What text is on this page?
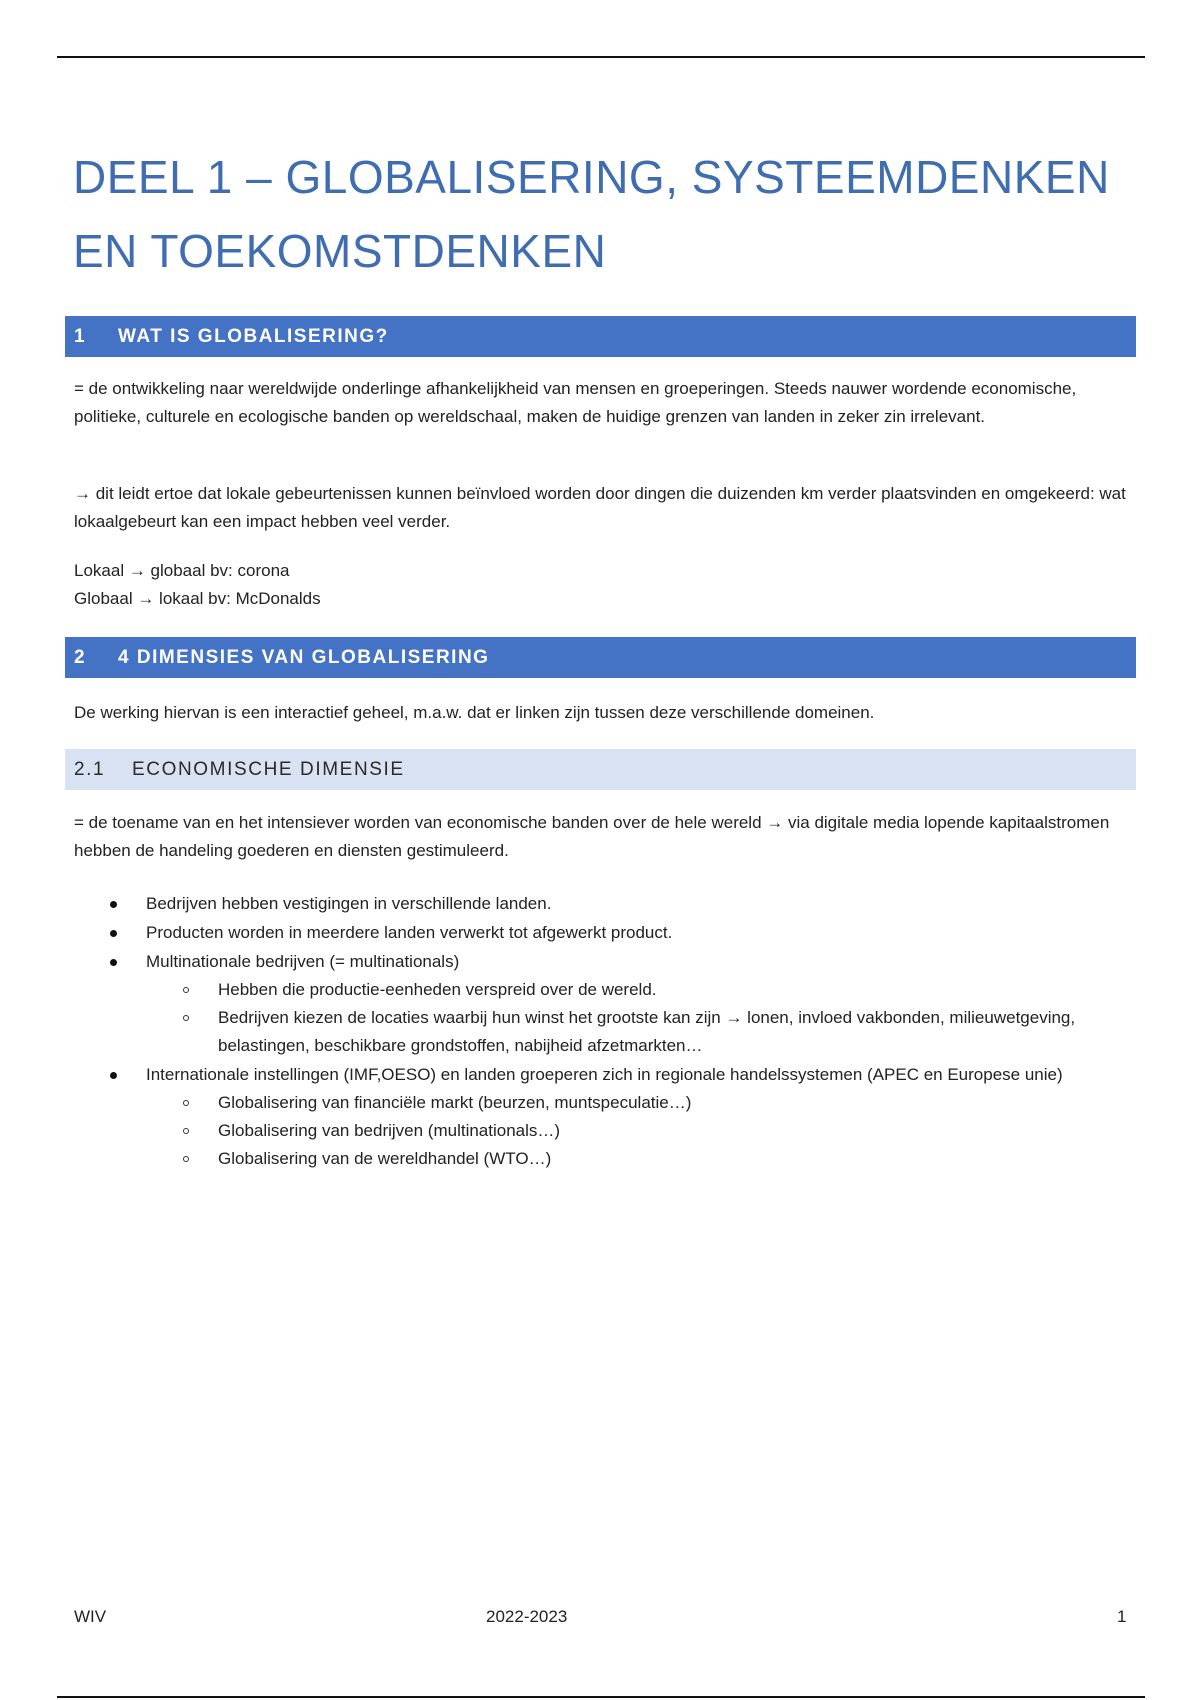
DEEL 1 – GLOBALISERING, SYSTEEMDENKEN EN TOEKOMSTDENKEN
1	WAT IS GLOBALISERING?

= de ontwikkeling naar wereldwijde onderlinge afhankelijkheid van mensen en groeperingen. Steeds nauwer wordende economische, politieke, culturele en ecologische banden op wereldschaal, maken de huidige grenzen van landen in zeker zin irrelevant.

→ dit leidt ertoe dat lokale gebeurtenissen kunnen beïnvloed worden door dingen die duizenden km verder plaatsvinden en omgekeerd: wat lokaalgebeurt kan een impact hebben veel verder.

Lokaal → globaal bv: corona

Globaal → lokaal bv: McDonalds

2	4 DIMENSIES VAN GLOBALISERING

De werking hiervan is een interactief geheel, m.a.w. dat er linken zijn tussen deze verschillende domeinen.

2.1	ECONOMISCHE DIMENSIE

= de toename van en het intensiever worden van economische banden over de hele wereld → via digitale media lopende kapitaalstromen hebben de handeling goederen en diensten gestimuleerd.

Bedrijven hebben vestigingen in verschillende landen.
Producten worden in meerdere landen verwerkt tot afgewerkt product.
Multinationale bedrijven (= multinationals)
Hebben die productie-eenheden verspreid over de wereld.
Bedrijven kiezen de locaties waarbij hun winst het grootste kan zijn → lonen, invloed vakbonden, milieuwetgeving, belastingen, beschikbare grondstoffen, nabijheid afzetmarkten…
Internationale instellingen (IMF,OESO) en landen groeperen zich in regionale handelssystemen (APEC en Europese unie)
Globalisering van financiële markt (beurzen, muntspeculatie…)
Globalisering van bedrijven (multinationals…)
Globalisering van de wereldhandel (WTO…)
WIV	2022-2023	1
